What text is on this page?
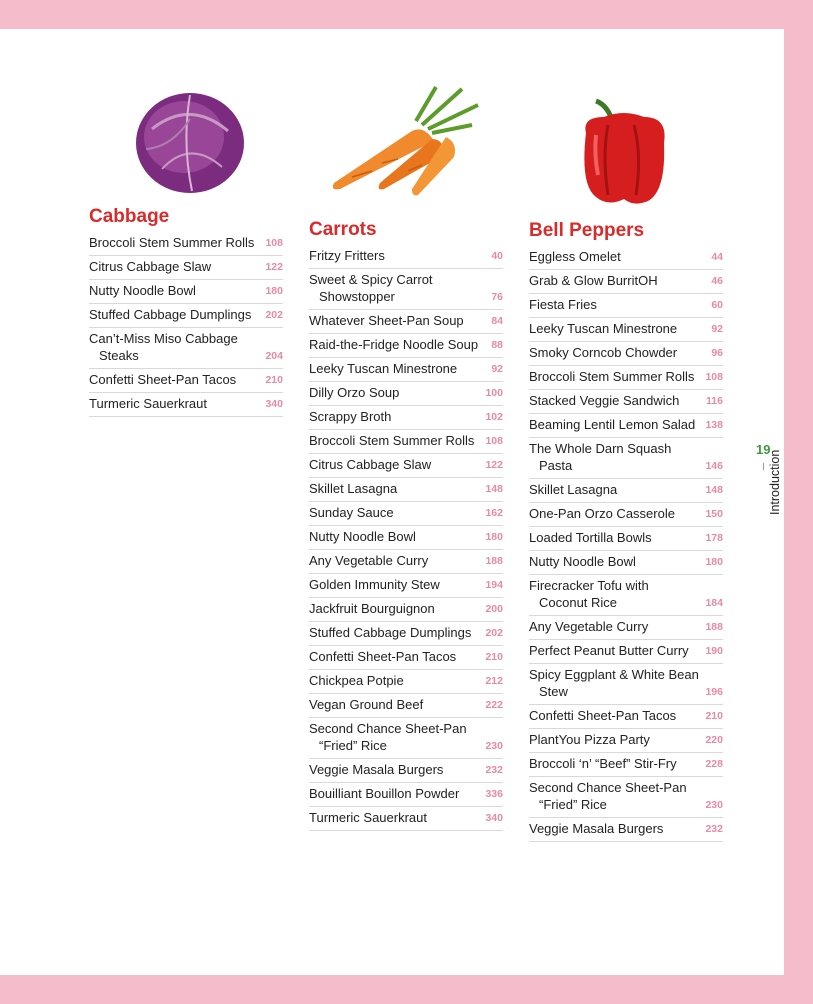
Cabbage
Broccoli Stem Summer Rolls	108
Citrus Cabbage Slaw	122
Nutty Noodle Bowl	180
Stuffed Cabbage Dumplings	202
Can’t-Miss Miso Cabbage Steaks	204
Confetti Sheet-Pan Tacos	210
Turmeric Sauerkraut	340
Carrots
Fritzy Fritters	40
Sweet & Spicy Carrot Showstopper	76
Whatever Sheet-Pan Soup	84
Raid-the-Fridge Noodle Soup	88
Leeky Tuscan Minestrone	92
Dilly Orzo Soup	100
Scrappy Broth	102
Broccoli Stem Summer Rolls	108
Citrus Cabbage Slaw	122
Skillet Lasagna	148
Sunday Sauce	162
Nutty Noodle Bowl	180
Any Vegetable Curry	188
Golden Immunity Stew	194
Jackfruit Bourguignon	200
Stuffed Cabbage Dumplings	202
Confetti Sheet-Pan Tacos	210
Chickpea Potpie	212
Vegan Ground Beef	222
Second Chance Sheet-Pan “Fried” Rice	230
Veggie Masala Burgers	232
Bouilliant Bouillon Powder	336
Turmeric Sauerkraut	340
Bell Peppers
Eggless Omelet	44
Grab & Glow BurritOH	46
Fiesta Fries	60
Leeky Tuscan Minestrone	92
Smoky Corncob Chowder	96
Broccoli Stem Summer Rolls	108
Stacked Veggie Sandwich	116
Beaming Lentil Lemon Salad 138
The Whole Darn Squash Pasta	146
Skillet Lasagna	148
One-Pan Orzo Casserole	150
Loaded Tortilla Bowls	178
Nutty Noodle Bowl	180
Firecracker Tofu with Coconut Rice	184
Any Vegetable Curry	188
Perfect Peanut Butter Curry	190
Spicy Eggplant & White Bean Stew	196
Confetti Sheet-Pan Tacos	210
PlantYou Pizza Party	220
Broccoli ‘n’ “Beef” Stir-Fry	228
Second Chance Sheet-Pan “Fried” Rice	230
Veggie Masala Burgers	232
19
Introduction
